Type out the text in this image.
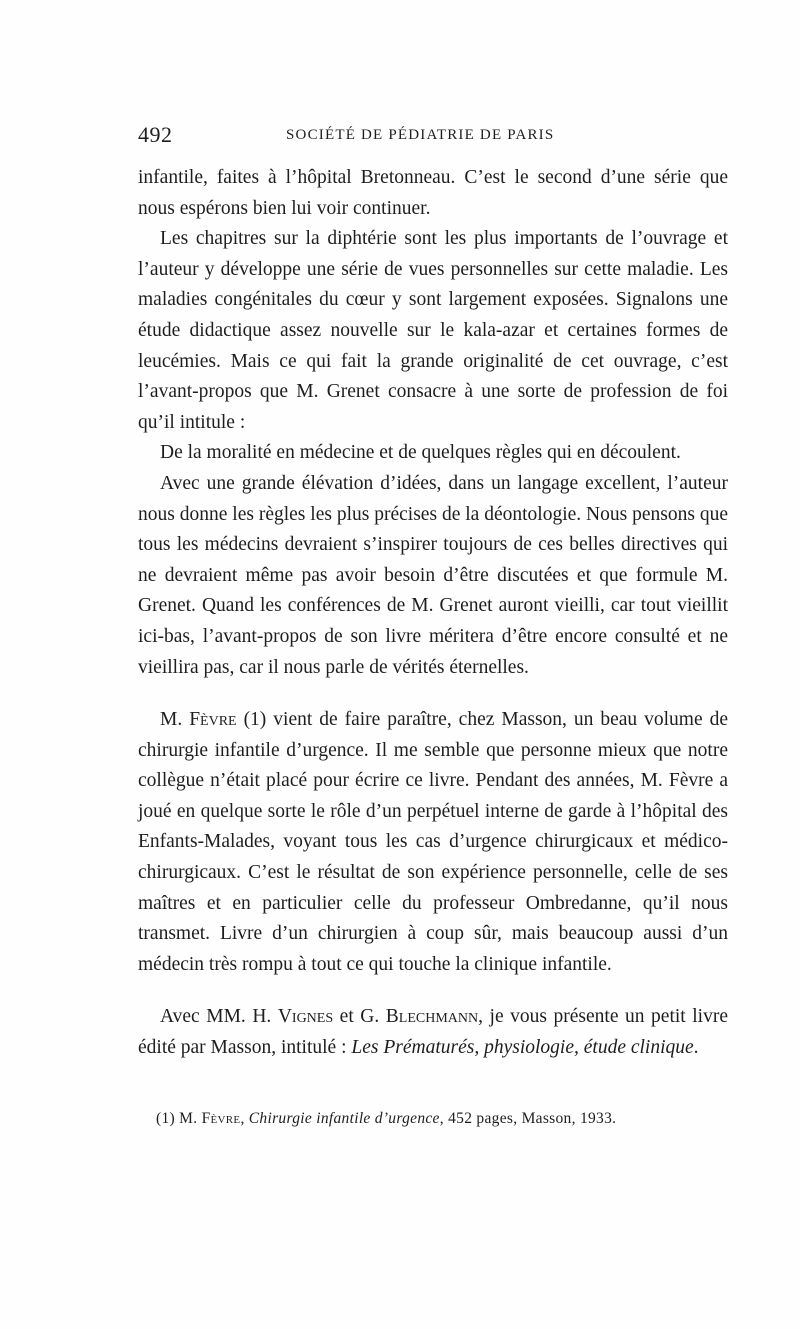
492	SOCIÉTÉ DE PÉDIATRIE DE PARIS

infantile, faites à l’hôpital Bretonneau. C’est le second d’une série que nous espérons bien lui voir continuer.

Les chapitres sur la diphtérie sont les plus importants de l’ouvrage et l’auteur y développe une série de vues personnelles sur cette maladie. Les maladies congénitales du cœur y sont largement exposées. Signalons une étude didactique assez nouvelle sur le kala-azar et certaines formes de leucémies. Mais ce qui fait la grande originalité de cet ouvrage, c’est l’avant-propos que M. Grenet consacre à une sorte de profession de foi qu’il intitule :

De la moralité en médecine et de quelques règles qui en découlent.

Avec une grande élévation d’idées, dans un langage excellent, l’auteur nous donne les règles les plus précises de la déontologie. Nous pensons que tous les médecins devraient s’inspirer toujours de ces belles directives qui ne devraient même pas avoir besoin d’être discutées et que formule M. Grenet. Quand les conférences de M. Grenet auront vieilli, car tout vieillit ici-bas, l’avant-propos de son livre méritera d’être encore consulté et ne vieillira pas, car il nous parle de vérités éternelles.

M. Fèvre (1) vient de faire paraître, chez Masson, un beau volume de chirurgie infantile d’urgence. Il me semble que personne mieux que notre collègue n’était placé pour écrire ce livre. Pendant des années, M. Fèvre a joué en quelque sorte le rôle d’un perpétuel interne de garde à l’hôpital des Enfants-Malades, voyant tous les cas d’urgence chirurgicaux et médico-chirurgicaux. C’est le résultat de son expérience personnelle, celle de ses maîtres et en particulier celle du professeur Ombredanne, qu’il nous transmet. Livre d’un chirurgien à coup sûr, mais beaucoup aussi d’un médecin très rompu à tout ce qui touche la clinique infantile.

Avec MM. H. Vignes et G. Blechmann, je vous présente un petit livre édité par Masson, intitulé : Les Prématurés, physiologie, étude clinique.

(1) M. Fèvre, Chirurgie infantile d’urgence, 452 pages, Masson, 1933.
